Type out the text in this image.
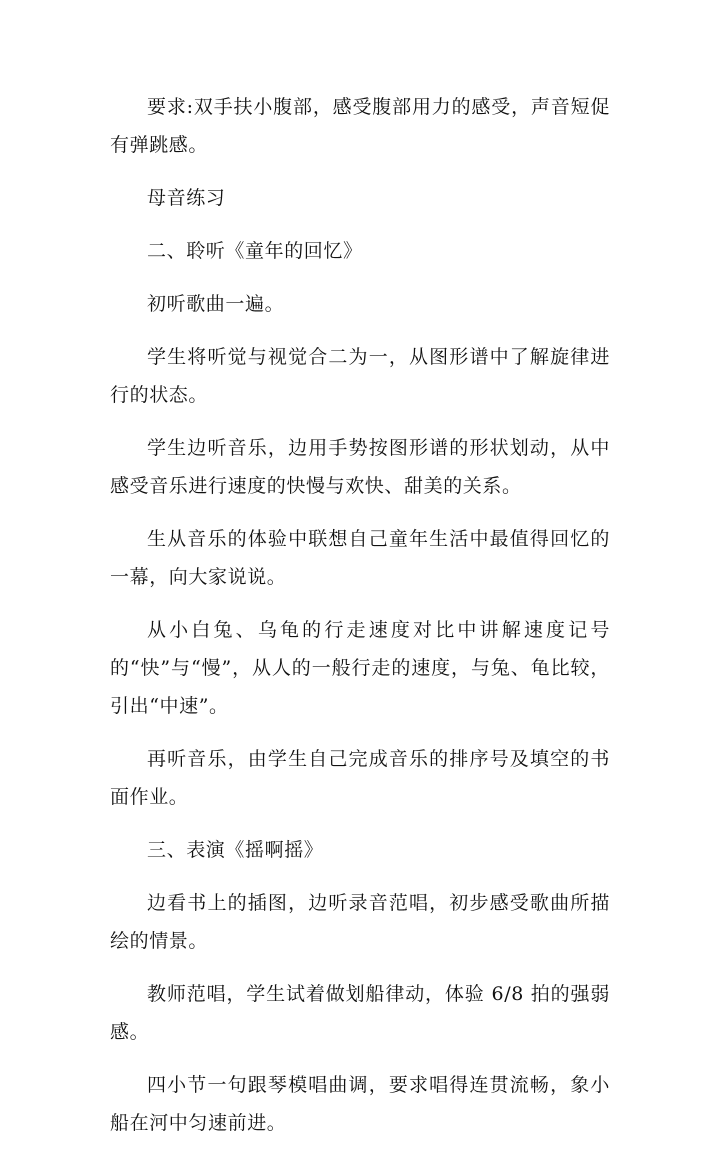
要求:双手扶小腹部，感受腹部用力的感受，声音短促有弹跳感。

母音练习

二、聆听《童年的回忆》

初听歌曲一遍。

学生将听觉与视觉合二为一，从图形谱中了解旋律进行的状态。

学生边听音乐，边用手势按图形谱的形状划动，从中感受音乐进行速度的快慢与欢快、甜美的关系。

生从音乐的体验中联想自己童年生活中最值得回忆的一幕，向大家说说。

从小白兔、乌龟的行走速度对比中讲解速度记号的“快”与“慢”，从人的一般行走的速度，与兔、龟比较，引出“中速”。

再听音乐，由学生自己完成音乐的排序号及填空的书面作业。

三、表演《摇啊摇》

边看书上的插图，边听录音范唱，初步感受歌曲所描绘的情景。

教师范唱，学生试着做划船律动，体验 6/8 拍的强弱感。

四小节一句跟琴模唱曲调，要求唱得连贯流畅，象小船在河中匀速前进。
